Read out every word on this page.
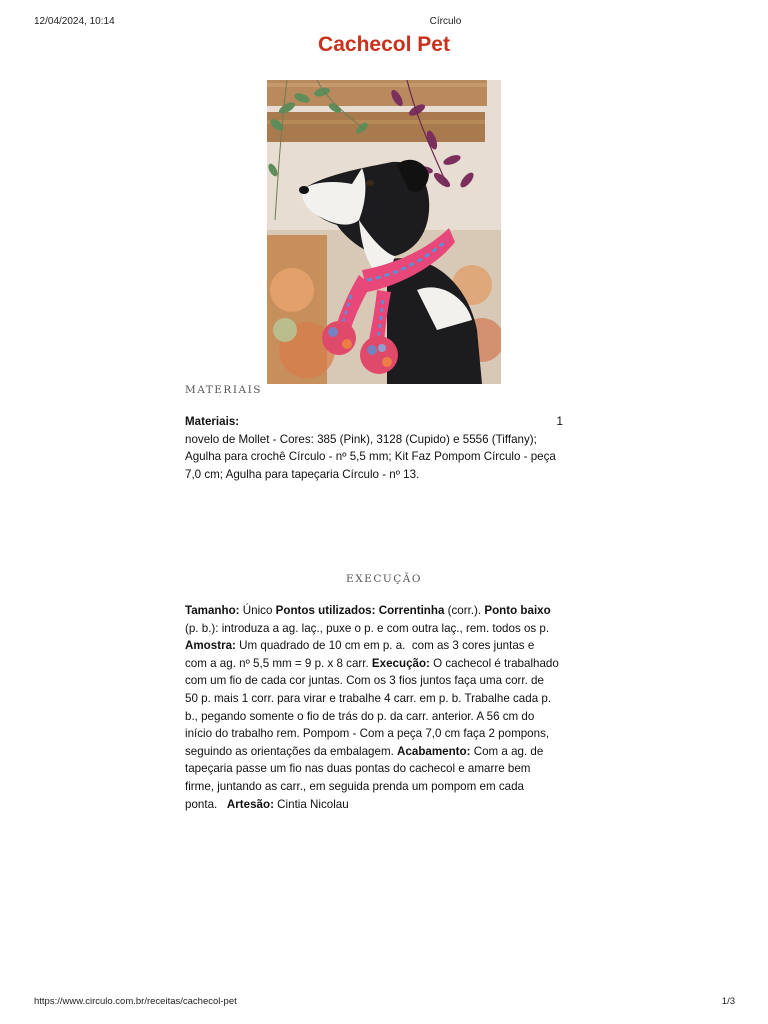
12/04/2024, 10:14	Círculo
Cachecol Pet
MATERIAIS
Materiais:	1
novelo de Mollet - Cores: 385 (Pink), 3128 (Cupido) e 5556 (Tiffany);
Agulha para crochê Círculo - nº 5,5 mm; Kit Faz Pompom Círculo - peça
7,0 cm; Agulha para tapeçaria Círculo - nº 13.
EXECUÇÃO
Tamanho: Único Pontos utilizados: Correntinha (corr.). Ponto baixo
(p. b.): introduza a ag. laç., puxe o p. e com outra laç., rem. todos os p.
Amostra: Um quadrado de 10 cm em p. a.  com as 3 cores juntas e
com a ag. nº 5,5 mm = 9 p. x 8 carr. Execução: O cachecol é trabalhado
com um fio de cada cor juntas. Com os 3 fios juntos faça uma corr. de
50 p. mais 1 corr. para virar e trabalhe 4 carr. em p. b. Trabalhe cada p.
b., pegando somente o fio de trás do p. da carr. anterior. A 56 cm do
início do trabalho rem. Pompom - Com a peça 7,0 cm faça 2 pompons,
seguindo as orientações da embalagem. Acabamento: Com a ag. de
tapeçaria passe um fio nas duas pontas do cachecol e amarre bem
firme, juntando as carr., em seguida prenda um pompom em cada
ponta.   Artesão: Cintia Nicolau
https://www.circulo.com.br/receitas/cachecol-pet	1/3
